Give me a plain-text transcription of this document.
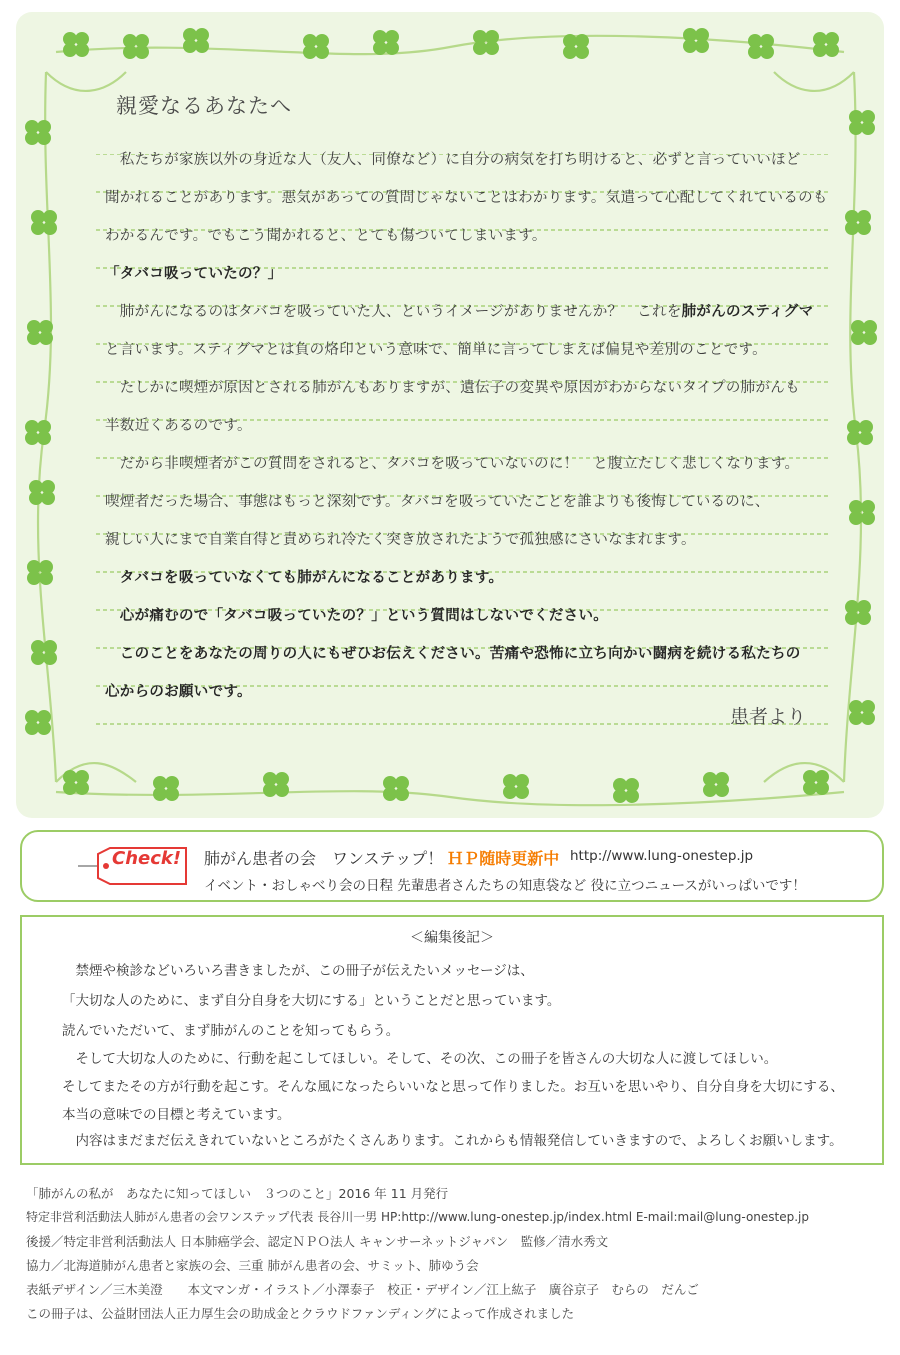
親愛なるあなたへ
　私たちが家族以外の身近な人（友人、同僚など）に自分の病気を打ち明けると、必ずと言っていいほど
聞かれることがあります。悪気があっての質問じゃないことはわかります。気遣って心配してくれているのも
わかるんです。でもこう聞かれると、とても傷ついてしまいます。
「タバコ吸っていたの？」
　肺がんになるのはタバコを吸っていた人、というイメージがありませんか？　これを肺がんのスティグマ
と言います。スティグマとは負の烙印という意味で、簡単に言ってしまえば偏見や差別のことです。
　たしかに喫煙が原因とされる肺がんもありますが、遺伝子の変異や原因がわからないタイプの肺がんも
半数近くあるのです。
　だから非喫煙者がこの質問をされると、タバコを吸っていないのに！　と腹立たしく悲しくなります。
喫煙者だった場合、事態はもっと深刻です。タバコを吸っていたことを誰よりも後悔しているのに、
親しい人にまで自業自得と責められ冷たく突き放されたようで孤独感にさいなまれます。
　タバコを吸っていなくても肺がんになることがあります。
　心が痛むので「タバコ吸っていたの？」という質問はしないでください。
　このことをあなたの周りの人にもぜひお伝えください。苦痛や恐怖に立ち向かい闘病を続ける私たちの
心からのお願いです。
患者より
Check! 肺がん患者の会　ワンステップ！ ＨＰ随時更新中 http://www.lung-onestep.jp
イベント・おしゃべり会の日程 先輩患者さんたちの知恵袋など 役に立つニュースがいっぱいです！
＜編集後記＞
　禁煙や検診などいろいろ書きましたが、この冊子が伝えたいメッセージは、
「大切な人のために、まず自分自身を大切にする」ということだと思っています。
読んでいただいて、まず肺がんのことを知ってもらう。
　そして大切な人のために、行動を起こしてほしい。そして、その次、この冊子を皆さんの大切な人に渡してほしい。
そしてまたその方が行動を起こす。そんな風になったらいいなと思って作りました。お互いを思いやり、自分自身を大切にする、
本当の意味での目標と考えています。
　内容はまだまだ伝えきれていないところがたくさんあります。これからも情報発信していきますので、よろしくお願いします。
「肺がんの私が　あなたに知ってほしい　３つのこと」2016 年 11 月発行
特定非営利活動法人肺がん患者の会ワンステップ代表 長谷川一男 HP:http://www.lung-onestep.jp/index.html E-mail:mail@lung-onestep.jp
後援／特定非営利活動法人 日本肺癌学会、認定ＮＰＯ法人 キャンサーネットジャパン　監修／清水秀文
協力／北海道肺がん患者と家族の会、三重 肺がん患者の会、サミット、肺ゆう会
表紙デザイン／三木美澄　　本文マンガ・イラスト／小澤泰子　校正・デザイン／江上紘子　廣谷京子　むらの　だんご
この冊子は、公益財団法人正力厚生会の助成金とクラウドファンディングによって作成されました
